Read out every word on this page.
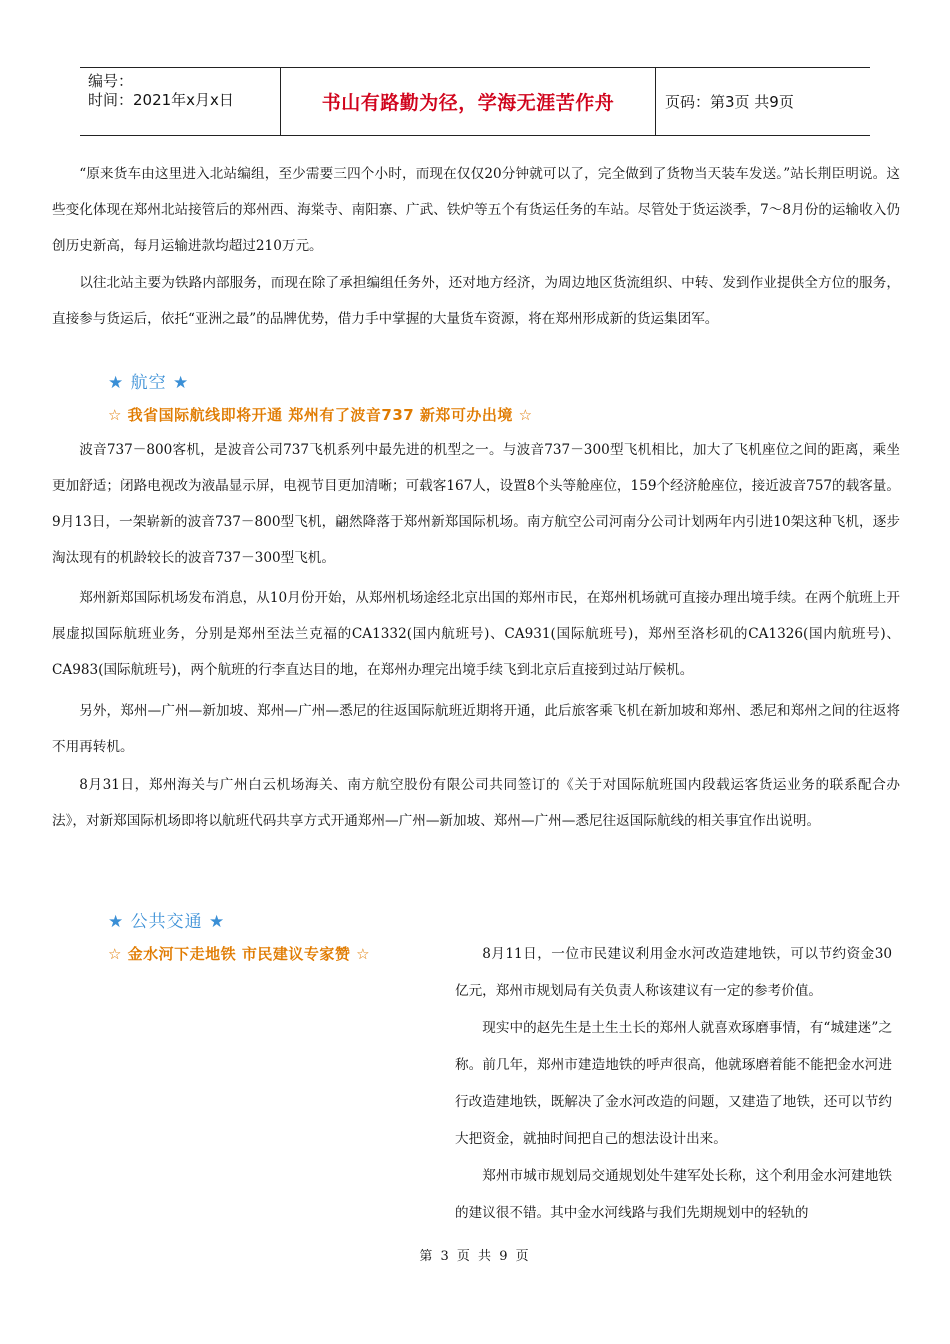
编号：
时间：2021年x月x日	书山有路勤为径，学海无涯苦作舟	页码：第3页 共9页
“原来货车由这里进入北站编组，至少需要三四个小时，而现在仅仅20分钟就可以了，完全做到了货物当天装车发送。”站长荆臣明说。这些变化体现在郑州北站接管后的郑州西、海棠寺、南阳寨、广武、铁炉等五个有货运任务的车站。尽管处于货运淡季，7～8月份的运输收入仍创历史新高，每月运输进款均超过210万元。
以往北站主要为铁路内部服务，而现在除了承担编组任务外，还对地方经济，为周边地区货流组织、中转、发到作业提供全方位的服务，直接参与货运后，依托“亚洲之最”的品牌优势，借力手中掌握的大量货车资源，将在郑州形成新的货运集团军。
★ 航空 ★
☆ 我省国际航线即将开通 郑州有了波音737 新郑可办出境 ☆
波音737－800客机，是波音公司737飞机系列中最先进的机型之一。与波音737－300型飞机相比，加大了飞机座位之间的距离，乘坐更加舒适；闭路电视改为液晶显示屏，电视节目更加清晰；可载客167人，设置8个头等舱座位，159个经济舱座位，接近波音757的载客量。9月13日，一架崭新的波音737－800型飞机，翩然降落于郑州新郑国际机场。南方航空公司河南分公司计划两年内引进10架这种飞机，逐步淘汰现有的机龄较长的波音737－300型飞机。
郑州新郑国际机场发布消息，从10月份开始，从郑州机场途经北京出国的郑州市民，在郑州机场就可直接办理出境手续。在两个航班上开展虚拟国际航班业务，分别是郑州至法兰克福的CA1332(国内航班号)、CA931(国际航班号)，郑州至洛杉矶的CA1326(国内航班号)、CA983(国际航班号)，两个航班的行李直达目的地，在郑州办理完出境手续飞到北京后直接到过站厅候机。
另外，郑州—广州—新加坡、郑州—广州—悉尼的往返国际航班近期将开通，此后旅客乘飞机在新加坡和郑州、悉尼和郑州之间的往返将不用再转机。
8月31日，郑州海关与广州白云机场海关、南方航空股份有限公司共同签订的《关于对国际航班国内段载运客货运业务的联系配合办法》，对新郑国际机场即将以航班代码共享方式开通郑州—广州—新加坡、郑州—广州—悉尼往返国际航线的相关事宜作出说明。
★ 公共交通 ★
☆ 金水河下走地铁 市民建议专家赞 ☆	8月11日，一位市民建议利用金水河改造建地铁，可以节约资金30亿元，郑州市规划局有关负责人称该建议有一定的参考价值。

现实中的赵先生是土生土长的郑州人就喜欢琢磨事情，有“城建迷”之称。前几年，郑州市建造地铁的呼声很高，他就琢磨着能不能把金水河进行改造建地铁，既解决了金水河改造的问题，又建造了地铁，还可以节约大把资金，就抽时间把自己的想法设计出来。

郑州市城市规划局交通规划处牛建军处长称，这个利用金水河建地铁的建议很不错。其中金水河线路与我们先期规划中的轻轨的

第 3 页 共 9 页
